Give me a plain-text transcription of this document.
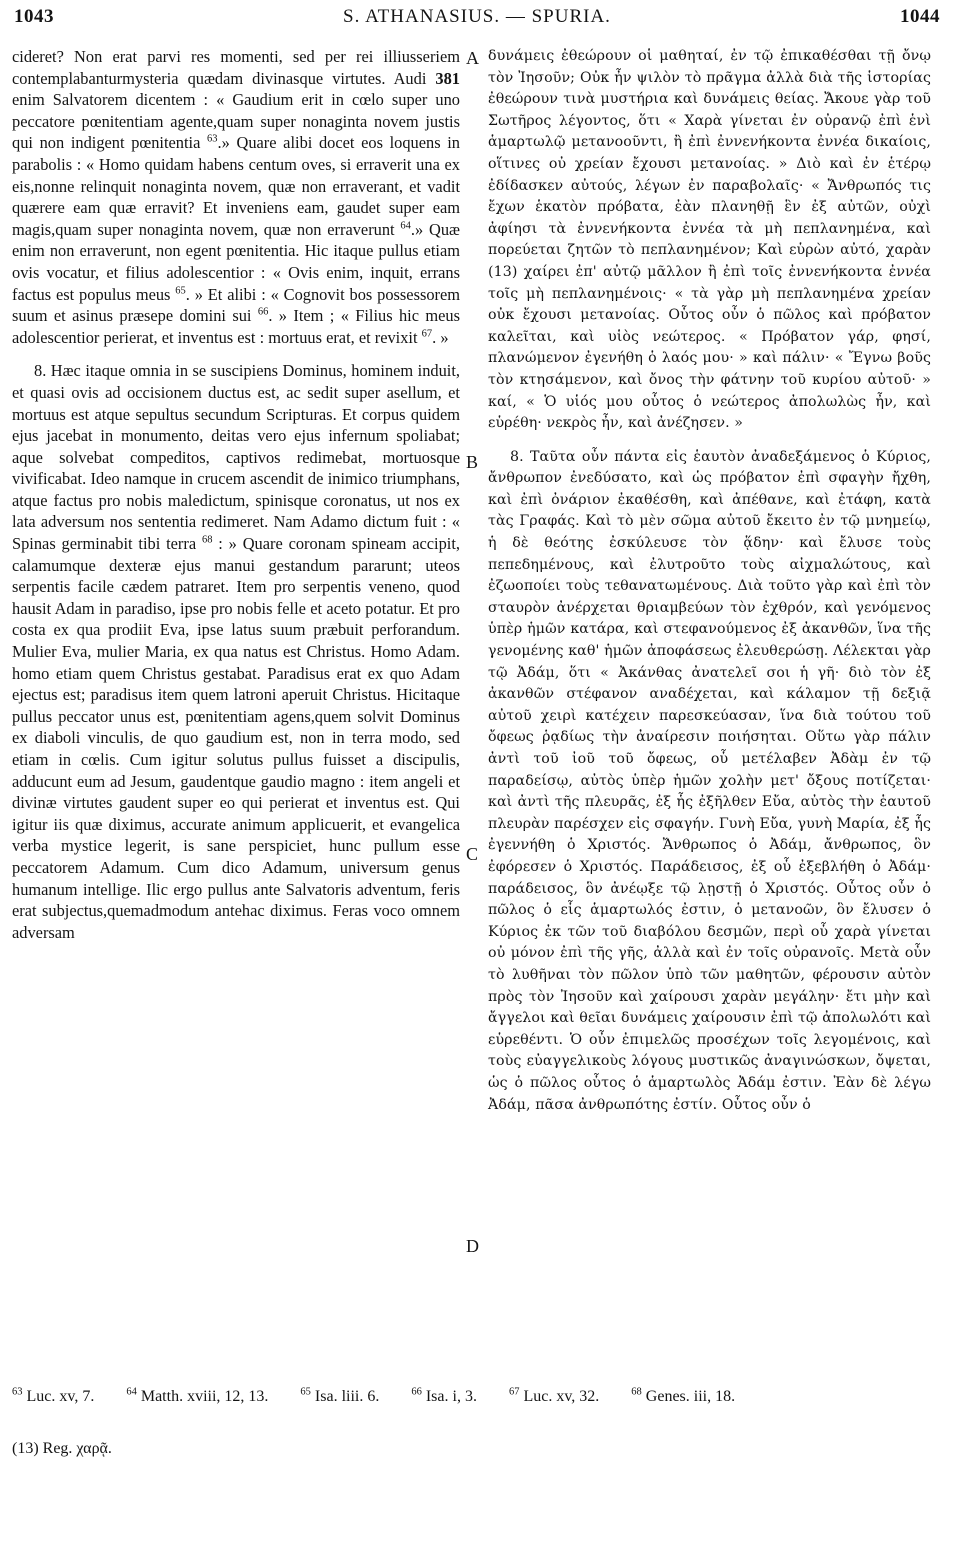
1043	S. ATHANASIUS. — SPURIA.	1044

cideret? Non erat parvi res momenti, sed per rei illiusseriem contemplabanturmysteria quædam divinasque virtutes. Audi 381 enim Salvatorem dicentem : « Gaudium erit in cœlo super uno peccatore pœnitentiam agente,quam super nonaginta novem justis qui non indigent pœnitentia $^{63}$.» Quare alibi docet eos loquens in parabolis : « Homo quidam habens centum oves, si erraverit una ex eis,nonne relinquit nonaginta novem, quæ non erraverant, et vadit quærere eam quæ erravit? Et inveniens eam, gaudet super eam magis,quam super nonaginta novem, quæ non erraverunt $^{64}$.» Quæ enim non erraverunt, non egent pœnitentia. Hic itaque pullus etiam ovis vocatur, et filius adolescentior : « Ovis enim, inquit, errans factus est populus meus $^{65}$. » Et alibi : « Cognovit bos possessorem suum et asinus præsepe domini sui $^{66}$. » Item ; « Filius hic meus adolescentior perierat, et inventus est : mortuus erat, et revixit $^{67}$. »

8. Hæc itaque omnia in se suscipiens Dominus, hominem induit, et quasi ovis ad occisionem ductus est, ac sedit super asellum, et mortuus est atque sepultus secundum Scripturas. Et corpus quidem ejus jacebat in monumento, deitas vero ejus infernum spoliabat; aque solvebat compeditos, captivos redimebat, mortuosque vivificabat. Ideo namque in crucem ascendit de inimico triumphans, atque factus pro nobis maledictum, spinisque coronatus, ut nos ex lata adversum nos sententia redimeret. Nam Adamo dictum fuit : « Spinas germinabit tibi terra $^{68}$ : » Quare coronam spineam accipit, calamumque dexteræ ejus manui gestandum pararunt; uteos serpentis facile cædem patraret. Item pro serpentis veneno, quod hausit Adam in paradiso, ipse pro nobis felle et aceto potatur. Et pro costa ex qua prodiit Eva, ipse latus suum præbuit perforandum. Mulier Eva, mulier Maria, ex qua natus est Christus. Homo Adam. homo etiam quem Christus gestabat. Paradisus erat ex quo Adam ejectus est; paradisus item quem latroni aperuit Christus. Hicitaque pullus peccator unus est, pœnitentiam agens,quem solvit Dominus ex diaboli vinculis, de quo gaudium est, non in terra modo, sed etiam in cœlis. Cum igitur solutus pullus fuisset a discipulis, adducunt eum ad Jesum, gaudentque gaudio magno : item angeli et divinæ virtutes gaudent super eo qui perierat et inventus est. Qui igitur iis quæ diximus, accurate animum applicuerit, et evangelica verba mystice legerit, is sane perspiciet, hunc pullum esse peccatorem Adamum. Cum dico Adamum, universum genus humanum intellige. Ilic ergo pullus ante Salvatoris adventum, feris erat subjectus,quemadmodum antehac diximus. Feras voco omnem adversam

A
B
C
D

δυνάμεις ἐθεώρουν οἱ μαθηταί, ἐν τῷ ἐπικαθέσθαι τῇ ὄνῳ τὸν Ἰησοῦν; Οὐκ ἦν ψιλὸν τὸ πρᾶγμα ἀλλὰ διὰ τῆς ἱστορίας ἐθεώρουν τινὰ μυστήρια καὶ δυνάμεις θείας. Ἄκουε γὰρ τοῦ Σωτῆρος λέγοντος, ὅτι « Χαρὰ γίνεται ἐν οὐρανῷ ἐπὶ ἑνὶ ἁμαρτωλῷ μετανοοῦντι, ἢ ἐπὶ ἐννενήκοντα ἐννέα δικαίοις, οἵτινες οὐ χρείαν ἔχουσι μετανοίας. » Διὸ καὶ ἐν ἑτέρῳ ἐδίδασκεν αὐτούς, λέγων ἐν παραβολαῖς· « Ἄνθρωπός τις ἔχων ἑκατὸν πρόβατα, ἐὰν πλανηθῇ ἓν ἐξ αὐτῶν, οὐχὶ ἀφίησι τὰ ἐννενήκοντα ἐννέα τὰ μὴ πεπλανημένα, καὶ πορεύεται ζητῶν τὸ πεπλανημένον; Καὶ εὑρὼν αὐτό, χαρὰν (13) χαίρει ἐπ' αὐτῷ μᾶλλον ἢ ἐπὶ τοῖς ἐννενήκοντα ἐννέα τοῖς μὴ πεπλανημένοις· « τὰ γὰρ μὴ πεπλανημένα χρείαν οὐκ ἔχουσι μετανοίας. Οὗτος οὖν ὁ πῶλος καὶ πρόβατον καλεῖται, καὶ υἱὸς νεώτερος. « Πρόβατον γάρ, φησί, πλανώμενον ἐγενήθη ὁ λαός μου· » καὶ πάλιν· « Ἔγνω βοῦς τὸν κτησάμενον, καὶ ὄνος τὴν φάτνην τοῦ κυρίου αὐτοῦ· » καί, « Ὁ υἱός μου οὗτος ὁ νεώτερος ἀπολωλὼς ἦν, καὶ εὑρέθη· νεκρὸς ἦν, καὶ ἀνέζησεν. »

8. Ταῦτα οὖν πάντα εἰς ἑαυτὸν ἀναδεξάμενος ὁ Κύριος, ἄνθρωπον ἐνεδύσατο, καὶ ὡς πρόβατον ἐπὶ σφαγὴν ἤχθη, καὶ ἐπὶ ὀνάριον ἐκαθέσθη, καὶ ἀπέθανε, καὶ ἐτάφη, κατὰ τὰς Γραφάς. Καὶ τὸ μὲν σῶμα αὐτοῦ ἔκειτο ἐν τῷ μνημείῳ, ἡ δὲ θεότης ἐσκύλευσε τὸν ᾅδην· καὶ ἔλυσε τοὺς πεπεδημένους, καὶ ἐλυτροῦτο τοὺς αἰχμαλώτους, καὶ ἐζωοποίει τοὺς τεθανατωμένους. Διὰ τοῦτο γὰρ καὶ ἐπὶ τὸν σταυρὸν ἀνέρχεται θριαμβεύων τὸν ἐχθρόν, καὶ γενόμενος ὑπὲρ ἡμῶν κατάρα, καὶ στεφανούμενος ἐξ ἀκανθῶν, ἵνα τῆς γενομένης καθ' ἡμῶν ἀποφάσεως ἐλευθερώσῃ. Λέλεκται γὰρ τῷ Ἀδάμ, ὅτι « Ἀκάνθας ἀνατελεῖ σοι ἡ γῆ· διὸ τὸν ἐξ ἀκανθῶν στέφανον αναδέχεται, καὶ κάλαμον τῇ δεξιᾷ αὐτοῦ χειρὶ κατέχειν παρεσκεύασαν, ἵνα διὰ τούτου τοῦ ὄφεως ῥᾳδίως τὴν ἀναίρεσιν ποιήσηται. Οὕτω γὰρ πάλιν ἀντὶ τοῦ ἰοῦ τοῦ ὄφεως, οὗ μετέλαβεν Ἀδὰμ ἐν τῷ παραδείσῳ, αὐτὸς ὑπὲρ ἡμῶν χολὴν μετ' ὄξους ποτίζεται· καὶ ἀντὶ τῆς πλευρᾶς, ἐξ ἧς ἐξῆλθεν Εὔα, αὐτὸς τὴν ἑαυτοῦ πλευρὰν παρέσχεν εἰς σφαγήν. Γυνὴ Εὔα, γυνὴ Μαρία, ἐξ ἧς ἐγεννήθη ὁ Χριστός. Ἄνθρωπος ὁ Ἀδάμ, ἄνθρωπος, ὃν ἐφόρεσεν ὁ Χριστός. Παράδεισος, ἐξ οὗ ἐξεβλήθη ὁ Ἀδάμ· παράδεισος, ὃν ἀνέῳξε τῷ λῃστῇ ὁ Χριστός. Οὗτος οὖν ὁ πῶλος ὁ εἷς ἁμαρτωλός ἐστιν, ὁ μετανοῶν, ὃν ἔλυσεν ὁ Κύριος ἐκ τῶν τοῦ διαβόλου δεσμῶν, περὶ οὗ χαρὰ γίνεται οὐ μόνον ἐπὶ τῆς γῆς, ἀλλὰ καὶ ἐν τοῖς οὐρανοῖς. Μετὰ οὖν τὸ λυθῆναι τὸν πῶλον ὑπὸ τῶν μαθητῶν, φέρουσιν αὐτὸν πρὸς τὸν Ἰησοῦν καὶ χαίρουσι χαρὰν μεγάλην· ἔτι μὴν καὶ ἄγγελοι καὶ θεῖαι δυνάμεις χαίρουσιν ἐπὶ τῷ ἀπολωλότι καὶ εὑρεθέντι. Ὁ οὖν ἐπιμελῶς προσέχων τοῖς λεγομένοις, καὶ τοὺς εὐαγγελικοὺς λόγους μυστικῶς ἀναγινώσκων, ὄψεται, ὡς ὁ πῶλος οὗτος ὁ ἁμαρτωλὸς Ἀδάμ ἐστιν. Ἐὰν δὲ λέγω Ἀδάμ, πᾶσα ἀνθρωπότης ἐστίν. Οὗτος οὖν ὁ

$^{63}$ Luc. xv, 7.	$^{64}$ Matth. xviii, 12, 13.	$^{65}$ Isa. liii. 6.	$^{66}$ Isa. i, 3.	$^{67}$ Luc. xv, 32.	$^{68}$ Genes. iii, 18.
(13) Reg. χαρᾷ.
